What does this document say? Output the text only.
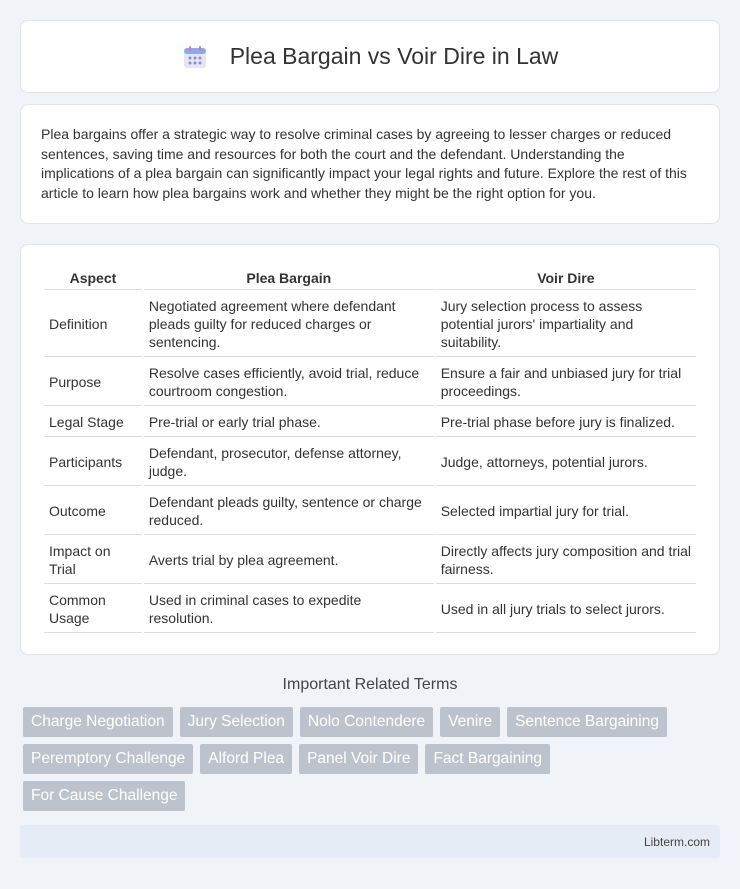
Plea Bargain vs Voir Dire in Law

Plea bargains offer a strategic way to resolve criminal cases by agreeing to lesser charges or reduced sentences, saving time and resources for both the court and the defendant. Understanding the implications of a plea bargain can significantly impact your legal rights and future. Explore the rest of this article to learn how plea bargains work and whether they might be the right option for you.

Aspect	Plea Bargain	Voir Dire
Definition	Negotiated agreement where defendant pleads guilty for reduced charges or sentencing.	Jury selection process to assess potential jurors' impartiality and suitability.
Purpose	Resolve cases efficiently, avoid trial, reduce courtroom congestion.	Ensure a fair and unbiased jury for trial proceedings.
Legal Stage	Pre-trial or early trial phase.	Pre-trial phase before jury is finalized.
Participants	Defendant, prosecutor, defense attorney, judge.	Judge, attorneys, potential jurors.
Outcome	Defendant pleads guilty, sentence or charge reduced.	Selected impartial jury for trial.
Impact on Trial	Averts trial by plea agreement.	Directly affects jury composition and trial fairness.
Common Usage	Used in criminal cases to expedite resolution.	Used in all jury trials to select jurors.
Important Related Terms
Charge Negotiation	Jury Selection	Nolo Contendere	Venire	Sentence Bargaining
Peremptory Challenge	Alford Plea	Panel Voir Dire	Fact Bargaining
For Cause Challenge
Libterm.com
